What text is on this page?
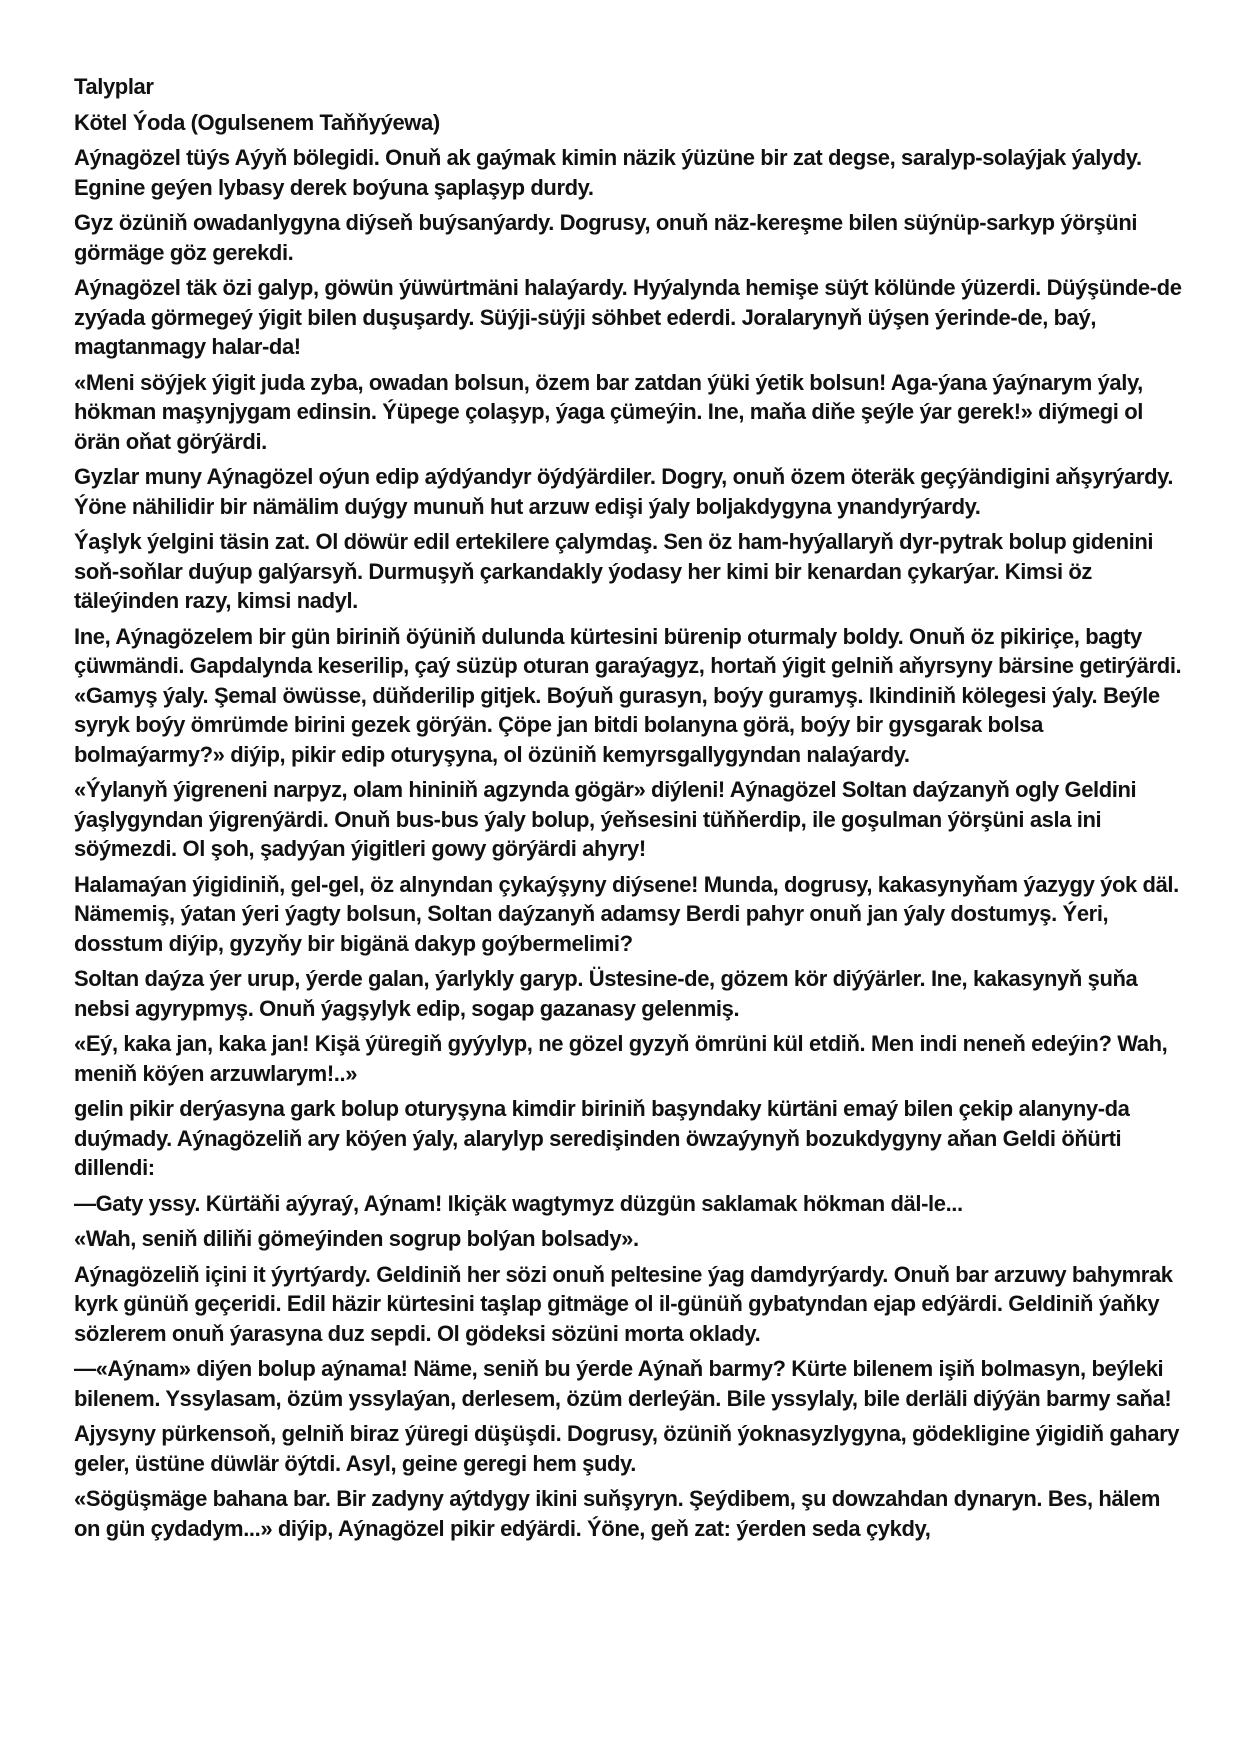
Talyplar

Kötel Ýoda (Ogulsenem Taňňyýewa)

Aýnagözel tüýs Aýyň bölegidi. Onuň ak gaýmak kimin näzik ýüzüne bir zat degse, saralyp-solaýjak ýalydy. Egnine geýen lybasy derek boýuna şaplaşyp durdy.

Gyz özüniň owadanlygyna diýseň buýsanýardy. Dogrusy, onuň näz-kereşme bilen süýnüp-sarkyp ýörşüni görmäge göz gerekdi.

Aýnagözel täk özi galyp, göwün ýüwürtmäni halaýardy. Hyýalynda hemişe süýt kölünde ýüzerdi. Düýşünde-de zyýada görmegeý ýigit bilen duşuşardy. Süýji-süýji söhbet ederdi. Joralarynyň üýşen ýerinde-de, baý, magtanmagy halar-da!

«Meni söýjek ýigit juda zyba, owadan bolsun, özem bar zatdan ýüki ýetik bolsun! Aga-ýana ýaýnarym ýaly, hökman maşynjygam edinsin. Ýüpege çolaşyp, ýaga çümeýin. Ine, maňa diňe şeýle ýar gerek!» diýmegi ol örän oňat görýärdi.

Gyzlar muny Aýnagözel oýun edip aýdýandyr öýdýärdiler. Dogry, onuň özem öteräk geçýändigini aňşyrýardy. Ýöne nähilidir bir nämälim duýgy munuň hut arzuw edişi ýaly boljakdygyna ynandyrýardy.

Ýaşlyk ýelgini täsin zat. Ol döwür edil ertekilere çalymdaş. Sen öz ham-hyýallaryň dyr-pytrak bolup gidenini soň-soňlar duýup galýarsyň. Durmuşyň çarkandakly ýodasy her kimi bir kenardan çykarýar. Kimsi öz täleýinden razy, kimsi nadyl.

Ine, Aýnagözelem bir gün biriniň öýüniň dulunda kürtesini bürenip oturmaly boldy. Onuň öz pikiriçe, bagty çüwmändi. Gapdalynda keserilip, çaý süzüp oturan garaýagyz, hortaň ýigit gelniň aňyrsyny bärsine getirýärdi. «Gamyş ýaly. Şemal öwüsse, düňderilip gitjek. Boýuň gurasyn, boýy guramyş. Ikindiniň kölegesi ýaly. Beýle syryk boýy ömrümde birini gezek görýän. Çöpe jan bitdi bolanyna görä, boýy bir gysgarak bolsa bolmaýarmy?» diýip, pikir edip oturyşyna, ol özüniň kemyrsgallygyndan nalaýardy.

«Ýylanyň ýigreneni narpyz, olam hininiň agzynda gögär» diýleni! Aýnagözel Soltan daýzanyň ogly Geldini ýaşlygyndan ýigrenýärdi. Onuň bus-bus ýaly bolup, ýeňsesini tüňňerdip, ile goşulman ýörşüni asla ini söýmezdi. Ol şoh, şadyýan ýigitleri gowy görýärdi ahyry!

Halamaýan ýigidiniň, gel-gel, öz alnyndan çykaýşyny diýsene! Munda, dogrusy, kakasynyňam ýazygy ýok däl. Nämemiş, ýatan ýeri ýagty bolsun, Soltan daýzanyň adamsy Berdi pahyr onuň jan ýaly dostumyş. Ýeri, dosstum diýip, gyzyňy bir bigänä dakyp goýbermelimi?

Soltan daýza ýer urup, ýerde galan, ýarlykly garyp. Üstesine-de, gözem kör diýýärler. Ine, kakasynyň şuňa nebsi agyrypmyş. Onuň ýagşylyk edip, sogap gazanasy gelenmiş.

«Eý, kaka jan, kaka jan! Kişä ýüregiň gyýylyp, ne gözel gyzyň ömrüni kül etdiň. Men indi neneň edeýin? Wah, meniň köýen arzuwlarym!..»

gelin pikir derýasyna gark bolup oturyşyna kimdir biriniň başyndaky kürtäni emaý bilen çekip alanyny-da duýmady. Aýnagözeliň ary köýen ýaly, alarylyp seredişinden öwzaýynyň bozukdygyny aňan Geldi öňürti dillendi:

—Gaty yssy. Kürtäňi aýyraý, Aýnam! Ikiçäk wagtymyz düzgün saklamak hökman däl-le...

«Wah, seniň diliňi gömeýinden sogrup bolýan bolsady».

Aýnagözeliň içini it ýyrtýardy. Geldiniň her sözi onuň peltesine ýag damdyrýardy. Onuň bar arzuwy bahymrak kyrk günüň geçeridi. Edil häzir kürtesini taşlap gitmäge ol il-günüň gybatyndan ejap edýärdi. Geldiniň ýaňky sözlerem onuň ýarasyna duz sepdi. Ol gödeksi sözüni morta oklady.

—«Aýnam» diýen bolup aýnama! Näme, seniň bu ýerde Aýnaň barmy? Kürte bilenem işiň bolmasyn, beýleki bilenem. Yssylasam, özüm yssylaýan, derlesem, özüm derleýän. Bile yssylaly, bile derläli diýýän barmy saňa!

Ajysyny pürkensoň, gelniň biraz ýüregi düşüşdi. Dogrusy, özüniň ýoknasyzlygyna, gödekligine ýigidiň gahary geler, üstüne düwlär öýtdi. Asyl, geine geregi hem şudy.

«Sögüşmäge bahana bar. Bir zadyny aýtdygy ikini suňşyryn. Şeýdibem, şu dowzahdan dynaryn. Bes, hälem on gün çydadym...» diýip, Aýnagözel pikir edýärdi. Ýöne, geň zat: ýerden seda çykdy,
